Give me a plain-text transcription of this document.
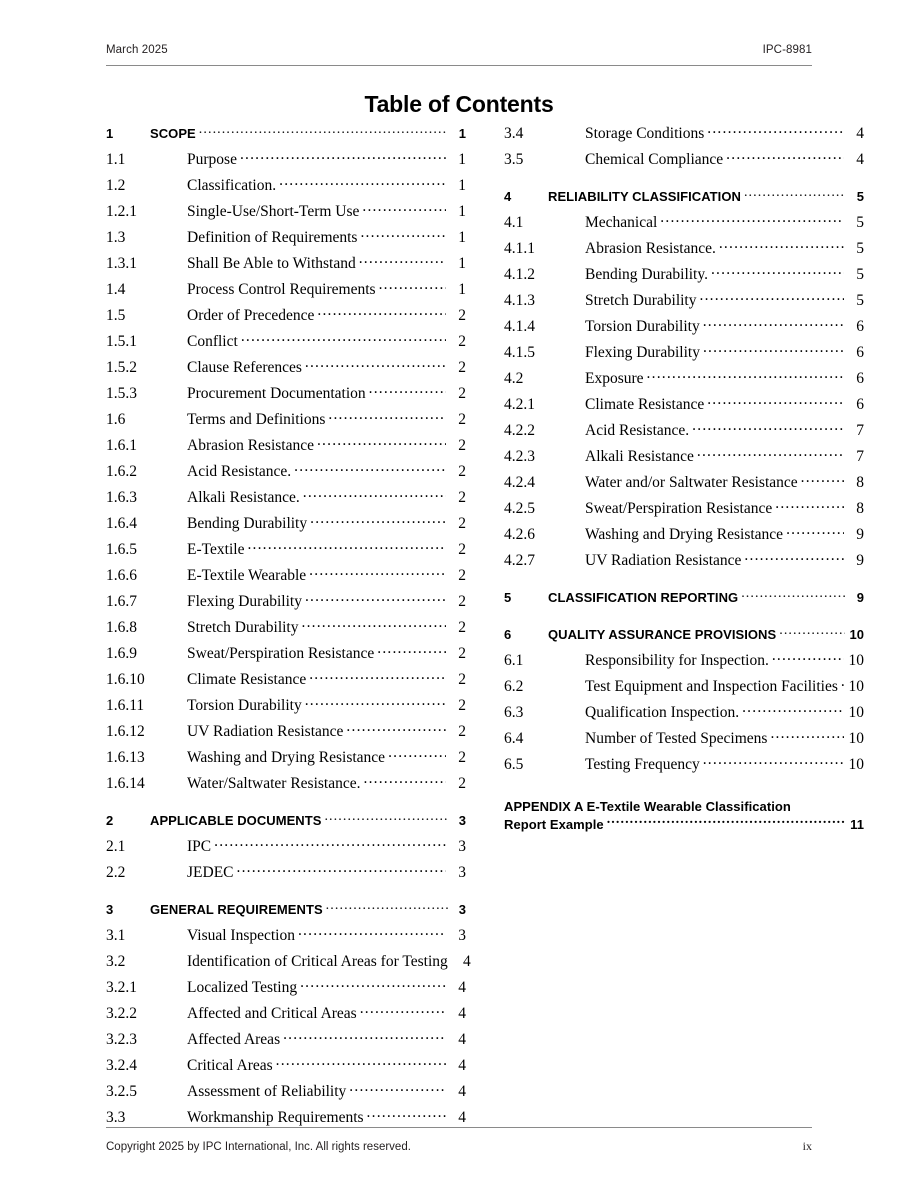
March 2025	IPC-8981
Table of Contents
1	SCOPE .....	1
1.1	Purpose .....	1
1.2	Classification. .....	1
1.2.1	Single-Use/Short-Term Use .....	1
1.3	Definition of Requirements .....	1
1.3.1	Shall Be Able to Withstand .....	1
1.4	Process Control Requirements .....	1
1.5	Order of Precedence .....	2
1.5.1	Conflict .....	2
1.5.2	Clause References .....	2
1.5.3	Procurement Documentation .....	2
1.6	Terms and Definitions .....	2
1.6.1	Abrasion Resistance .....	2
1.6.2	Acid Resistance. .....	2
1.6.3	Alkali Resistance. .....	2
1.6.4	Bending Durability .....	2
1.6.5	E-Textile .....	2
1.6.6	E-Textile Wearable .....	2
1.6.7	Flexing Durability .....	2
1.6.8	Stretch Durability .....	2
1.6.9	Sweat/Perspiration Resistance .....	2
1.6.10	Climate Resistance .....	2
1.6.11	Torsion Durability .....	2
1.6.12	UV Radiation Resistance .....	2
1.6.13	Washing and Drying Resistance .....	2
1.6.14	Water/Saltwater Resistance. .....	2
2	APPLICABLE DOCUMENTS .....	3
2.1	IPC .....	3
2.2	JEDEC .....	3
3	GENERAL REQUIREMENTS .....	3
3.1	Visual Inspection .....	3
3.2	Identification of Critical Areas for Testing 4
3.2.1	Localized Testing .....	4
3.2.2	Affected and Critical Areas .....	4
3.2.3	Affected Areas .....	4
3.2.4	Critical Areas .....	4
3.2.5	Assessment of Reliability .....	4
3.3	Workmanship Requirements .....	4
3.4	Storage Conditions .....	4
3.5	Chemical Compliance .....	4
4	RELIABILITY CLASSIFICATION .....	5
4.1	Mechanical .....	5
4.1.1	Abrasion Resistance. .....	5
4.1.2	Bending Durability. .....	5
4.1.3	Stretch Durability .....	5
4.1.4	Torsion Durability .....	6
4.1.5	Flexing Durability .....	6
4.2	Exposure .....	6
4.2.1	Climate Resistance .....	6
4.2.2	Acid Resistance. .....	7
4.2.3	Alkali Resistance .....	7
4.2.4	Water and/or Saltwater Resistance .....	8
4.2.5	Sweat/Perspiration Resistance .....	8
4.2.6	Washing and Drying Resistance .....	9
4.2.7	UV Radiation Resistance .....	9
5	CLASSIFICATION REPORTING .....	9
6	QUALITY ASSURANCE PROVISIONS .....	10
6.1	Responsibility for Inspection. .....	10
6.2	Test Equipment and Inspection Facilities ..... 10
6.3	Qualification Inspection. .....	10
6.4	Number of Tested Specimens .....	10
6.5	Testing Frequency .....	10
APPENDIX A E-Textile Wearable Classification
Report Example .....	11
Copyright 2025 by IPC International, Inc. All rights reserved.	ix
